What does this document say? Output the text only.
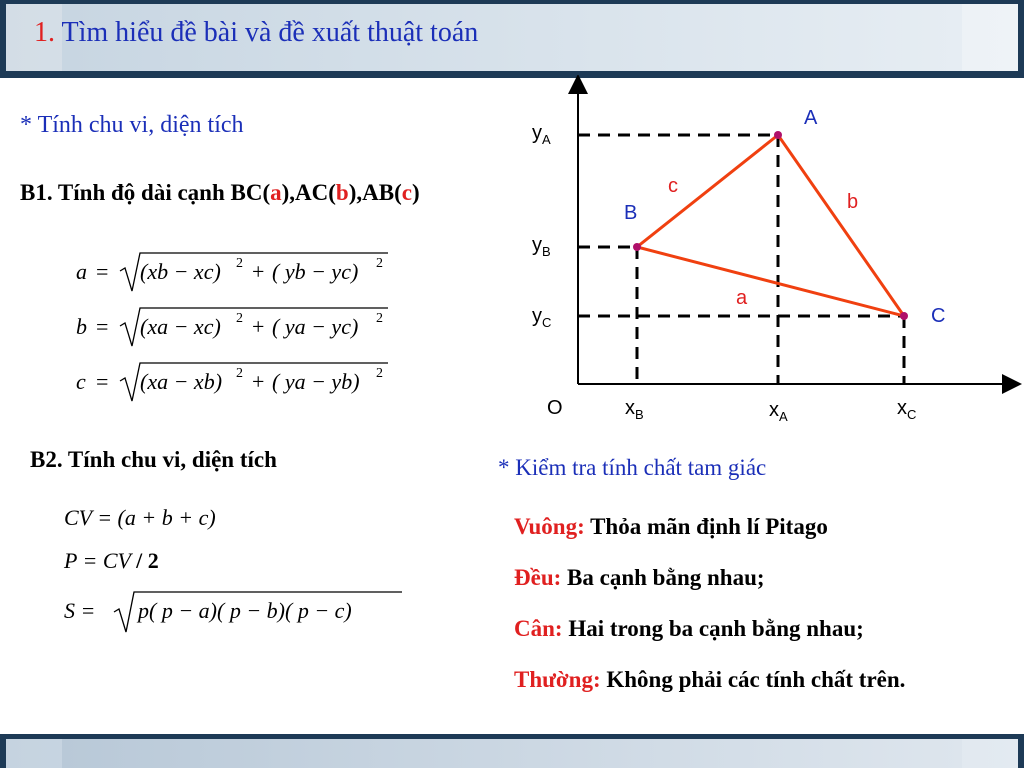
1. Tìm hiểu đề bài và đề xuất thuật toán
* Tính chu vi, diện tích
B1. Tính độ dài cạnh BC(a),AC(b),AB(c)
a = (xb − xc) 2 + ( yb − yc) 2
b = (xa − xc) 2 + ( ya − yc) 2
c = (xa − xb) 2 + ( ya − yb) 2
B2. Tính chu vi, diện tích
CV = (a + b + c)
P = CV / 2
S = p( p − a)( p − b)( p − c)
A
B
C
c
b
a
$y_A$
$y_B$
$y_C$
O	$x_B$	$x_A$	$x_C$
* Kiểm tra tính chất tam giác
Vuông: Thỏa mãn định lí Pitago
Đều: Ba cạnh bằng nhau;
Cân: Hai trong ba cạnh bằng nhau;
Thường: Không phải các tính chất trên.
